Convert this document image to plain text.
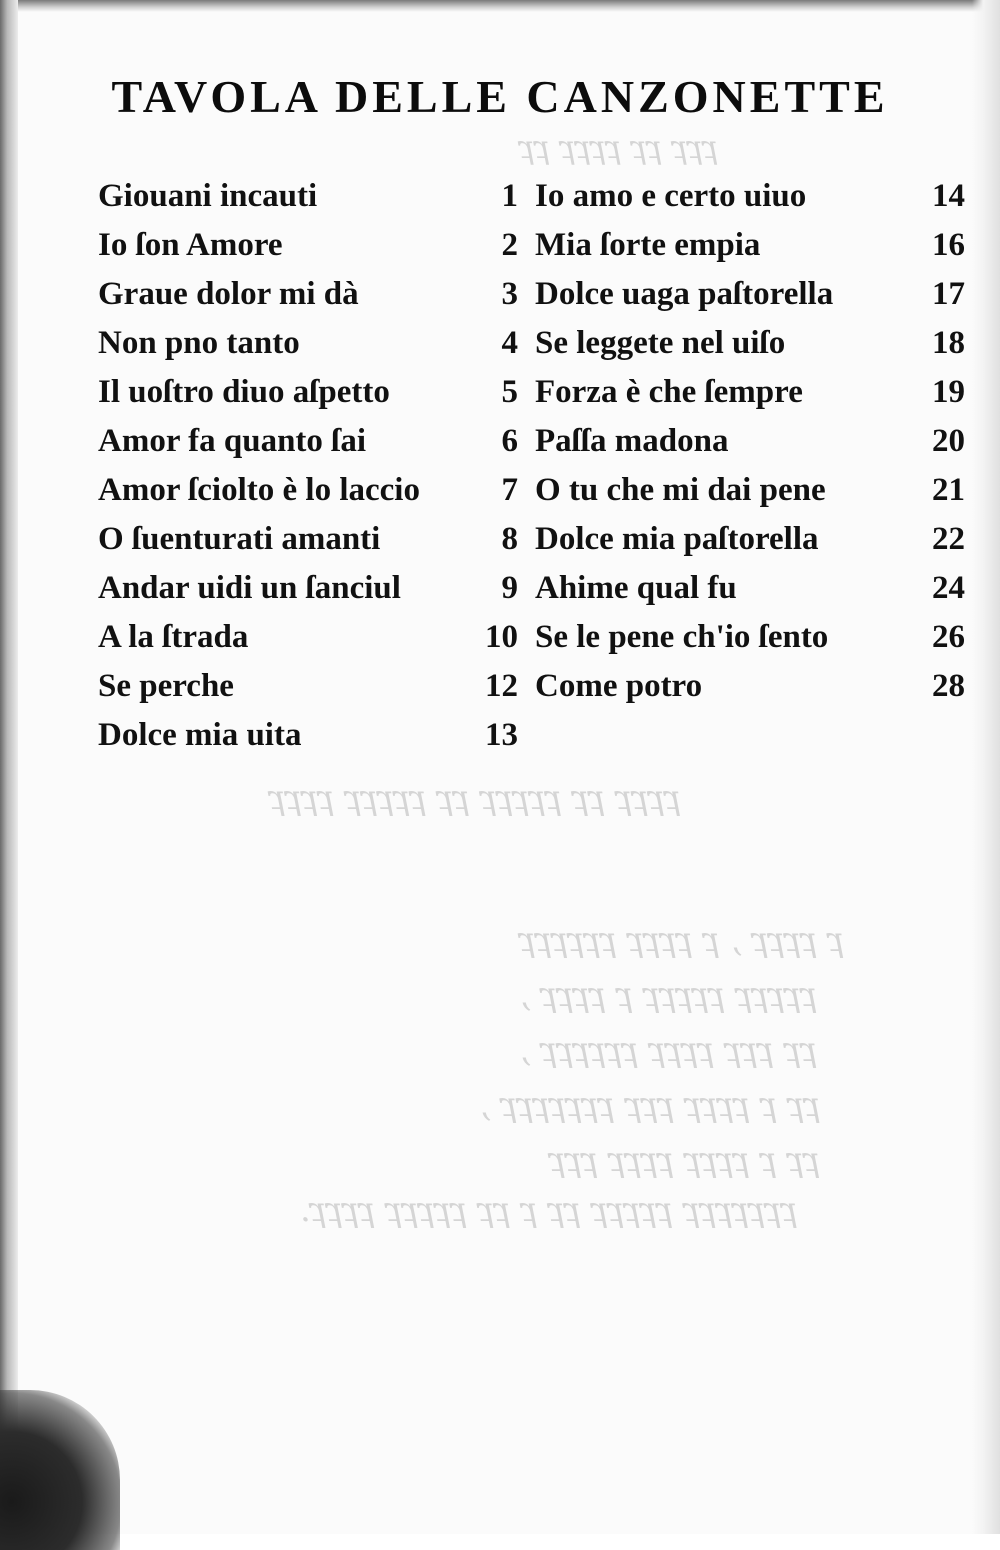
ꝼꝼꝼ ꝼꝼ ꝼꝼꝼꝼ ꝼꝼ
ꝼꝼꝼꝼ ꝼꝼ ꝼꝼꝼꝼꝼ ꝼꝼ ꝼꝼꝼꝼꝼ ꝼꝼꝼꝼ
ꝼ ꝼꝼꝼꝼ , ꝼ ꝼꝼꝼꝼ ꝼꝼꝼꝼꝼꝼ
ꝼꝼꝼꝼꝼ ꝼꝼꝼꝼꝼ ꝼ ꝼꝼꝼꝼ ,
ꝼꝼ ꝼꝼꝼ ꝼꝼꝼꝼ ꝼꝼꝼꝼꝼꝼ ,
ꝼꝼ ꝼ ꝼꝼꝼꝼ ꝼꝼꝼ ꝼꝼꝼꝼꝼꝼꝼ ,
ꝼꝼ ꝼ ꝼꝼꝼꝼ ꝼꝼꝼꝼ ꝼꝼꝼ
ꝼꝼꝼꝼꝼꝼꝼ ꝼꝼꝼꝼꝼ ꝼꝼ ꝼ ꝼꝼ ꝼꝼꝼꝼꝼ ꝼꝼꝼꝼ.
TAVOLA DELLE CANZONETTE
Giouani incauti	1
Io ſon Amore	2
Graue dolor mi dà	3
Non pno tanto	4
Il uoſtro diuo aſpetto	5
Amor fa quanto ſai	6
Amor ſciolto è lo laccio	7
O ſuenturati amanti	8
Andar uidi un ſanciul	9
A la ſtrada	10
Se perche	12
Dolce mia uita	13
Io amo e certo uiuo	14
Mia ſorte empia	16
Dolce uaga paſtorella	17
Se leggete nel uiſo	18
Forza è che ſempre	19
Paſſa madona	20
O tu che mi dai pene	21
Dolce mia paſtorella	22
Ahime qual fu	24
Se le pene ch'io ſento	26
Come potro	28
